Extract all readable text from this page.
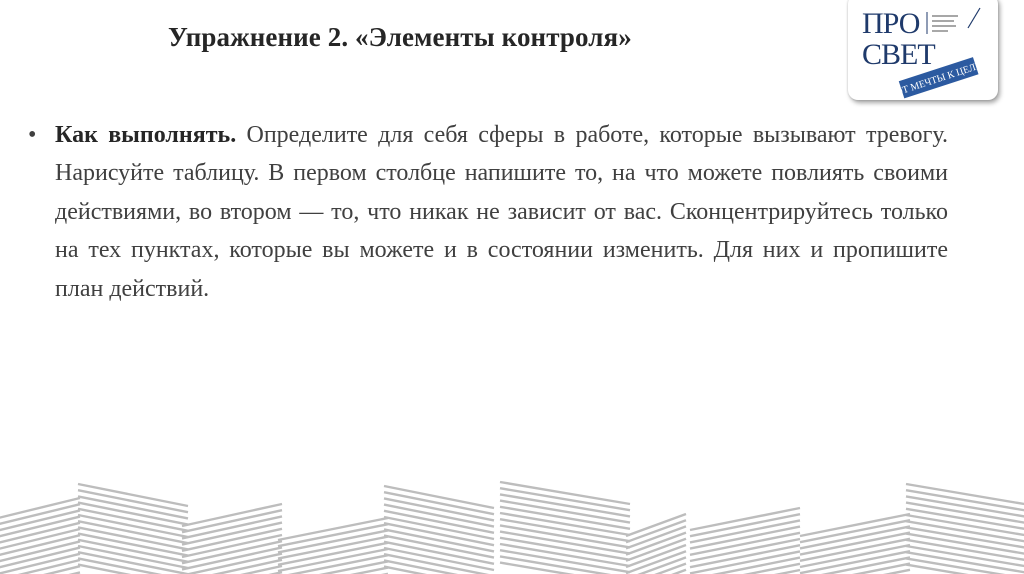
Упражнение 2. «Элементы контроля»	ПРО
СВЕТ
ОТ МЕЧТЫ К ЦЕЛИ
• Как выполнять. Определите для себя сферы в работе, которые вызывают тревогу. Нарисуйте таблицу. В первом столбце напишите то, на что можете повлиять своими действиями, во втором — то, что никак не зависит от вас. Сконцентрируйтесь только на тех пунктах, которые вы можете и в состоянии изменить. Для них и пропишите план действий.
